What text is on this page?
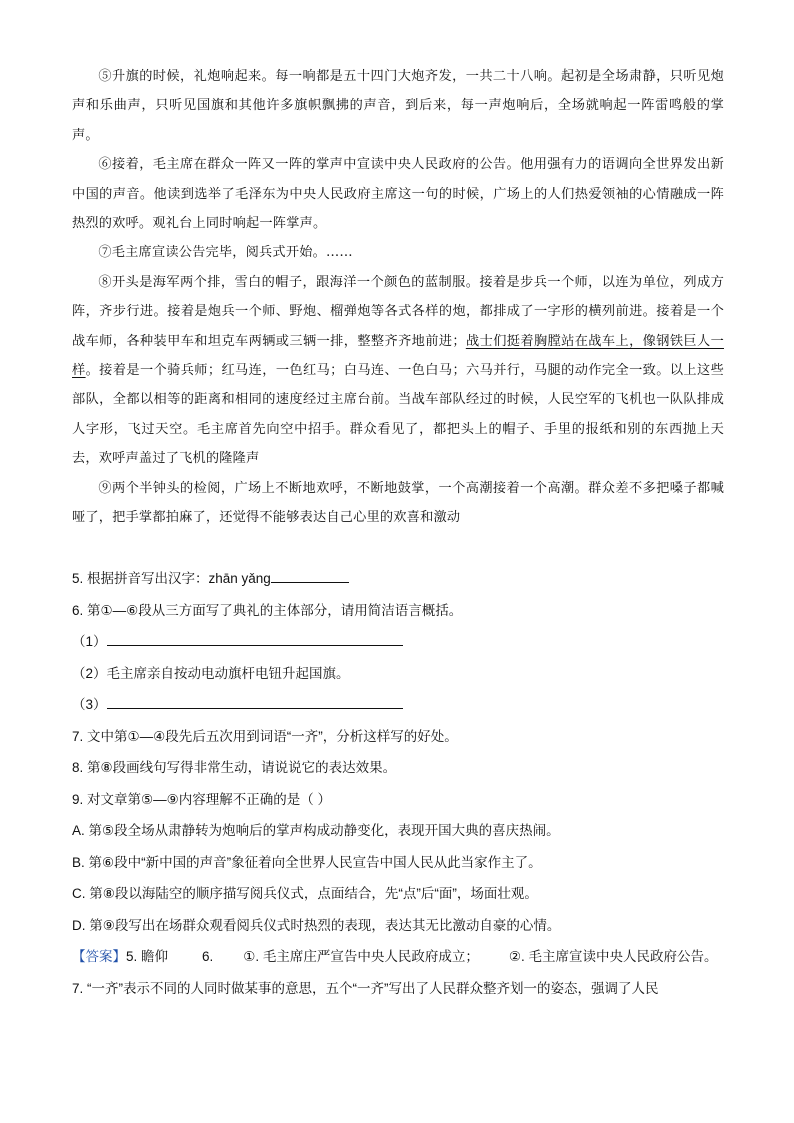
⑤升旗的时候，礼炮响起来。每一响都是五十四门大炮齐发，一共二十八响。起初是全场肃静，只听见炮声和乐曲声，只听见国旗和其他许多旗帜飘拂的声音，到后来，每一声炮响后，全场就响起一阵雷鸣般的掌声。

⑥接着，毛主席在群众一阵又一阵的掌声中宣读中央人民政府的公告。他用强有力的语调向全世界发出新中国的声音。他读到选举了毛泽东为中央人民政府主席这一句的时候，广场上的人们热爱领袖的心情融成一阵热烈的欢呼。观礼台上同时响起一阵掌声。

⑦毛主席宣读公告完毕，阅兵式开始。……

⑧开头是海军两个排，雪白的帽子，跟海洋一个颜色的蓝制服。接着是步兵一个师，以连为单位，列成方阵，齐步行进。接着是炮兵一个师、野炮、榴弹炮等各式各样的炮，都排成了一字形的横列前进。接着是一个战车师，各种装甲车和坦克车两辆或三辆一排，整整齐齐地前进；战士们挺着胸膛站在战车上，像钢铁巨人一样。接着是一个骑兵师；红马连，一色红马；白马连、一色白马；六马并行，马腿的动作完全一致。以上这些部队，全都以相等的距离和相同的速度经过主席台前。当战车部队经过的时候，人民空军的飞机也一队队排成人字形，飞过天空。毛主席首先向空中招手。群众看见了，都把头上的帽子、手里的报纸和别的东西抛上天去，欢呼声盖过了飞机的隆隆声

⑨两个半钟头的检阅，广场上不断地欢呼，不断地鼓掌，一个高潮接着一个高潮。群众差不多把嗓子都喊哑了，把手掌都拍麻了，还觉得不能够表达自己心里的欢喜和激动

5. 根据拼音写出汉字：zhān yǎng

6. 第①—⑥段从三方面写了典礼的主体部分，请用简洁语言概括。

（1）

（2）毛主席亲自按动电动旗杆电钮升起国旗。

（3）

7. 文中第①—④段先后五次用到词语“一齐”，分析这样写的好处。

8. 第⑧段画线句写得非常生动，请说说它的表达效果。

9. 对文章第⑤—⑨内容理解不正确的是（ ）

A. 第⑤段全场从肃静转为炮响后的掌声构成动静变化，表现开国大典的喜庆热闹。

B. 第⑥段中“新中国的声音”象征着向全世界人民宣告中国人民从此当家作主了。

C. 第⑧段以海陆空的顺序描写阅兵仪式，点面结合，先“点”后“面”，场面壮观。

D. 第⑨段写出在场群众观看阅兵仪式时热烈的表现，表达其无比激动自豪的心情。

【答案】5. 瞻仰	6. ①. 毛主席庄严宣告中央人民政府成立； ②. 毛主席宣读中央人民政府公告。

7. “一齐”表示不同的人同时做某事的意思，五个“一齐”写出了人民群众整齐划一的姿态，强调了人民
